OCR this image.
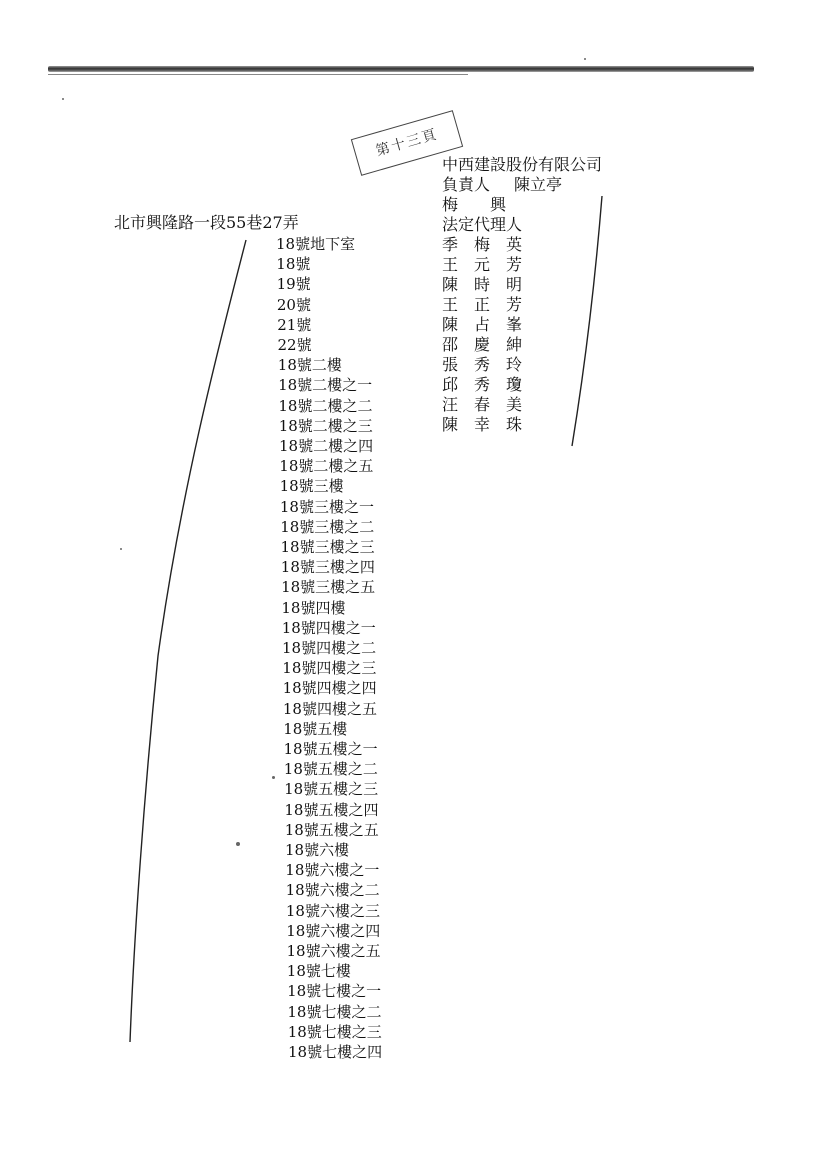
第十三頁
中西建設股份有限公司
負責人 陳立亭
梅　　興
法定代理人
季　梅　英
王　元　芳
陳　時　明
王　正　芳
陳　占　峯
邵　慶　紳
張　秀　玲
邱　秀　瓊
汪　春　美
陳　幸　珠
北市興隆路一段55巷27弄
18號地下室
18號
19號
20號
21號
22號
18號二樓
18號二樓之一
18號二樓之二
18號二樓之三
18號二樓之四
18號二樓之五
18號三樓
18號三樓之一
18號三樓之二
18號三樓之三
18號三樓之四
18號三樓之五
18號四樓
18號四樓之一
18號四樓之二
18號四樓之三
18號四樓之四
18號四樓之五
18號五樓
18號五樓之一
18號五樓之二
18號五樓之三
18號五樓之四
18號五樓之五
18號六樓
18號六樓之一
18號六樓之二
18號六樓之三
18號六樓之四
18號六樓之五
18號七樓
18號七樓之一
18號七樓之二
18號七樓之三
18號七樓之四
